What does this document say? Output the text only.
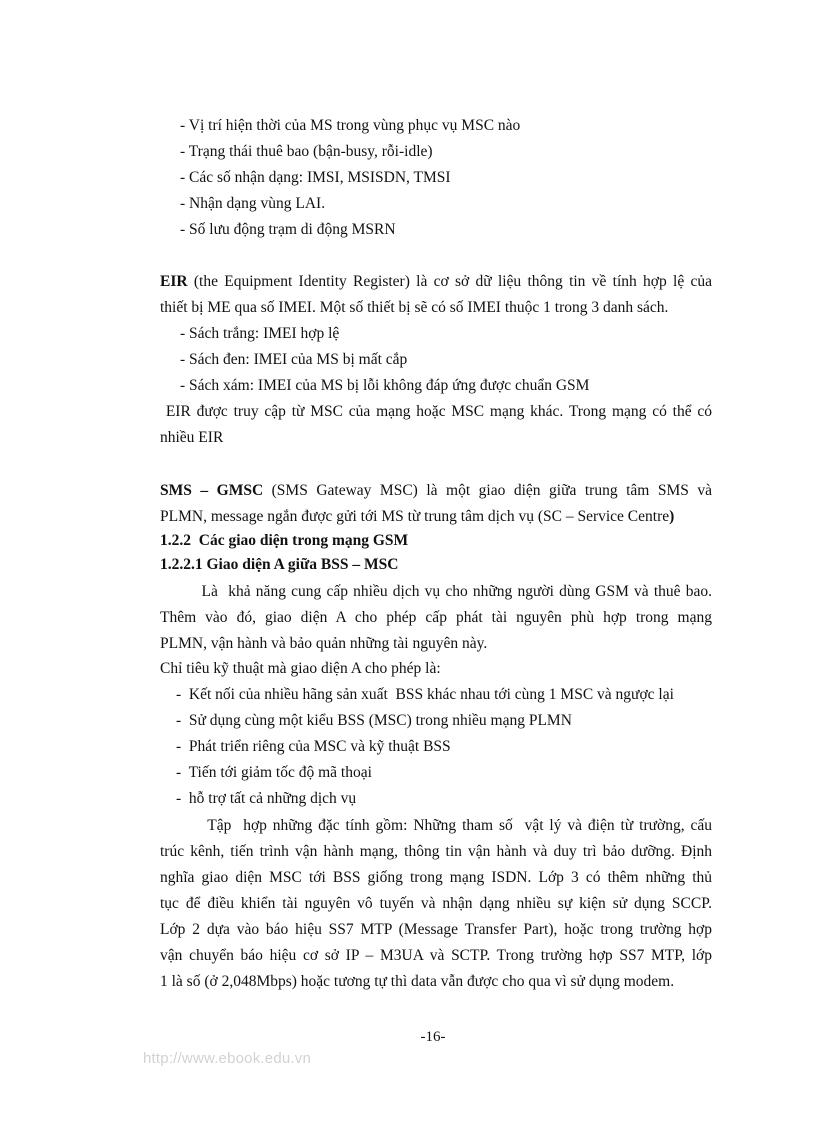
- Vị trí hiện thời của MS trong vùng phục vụ MSC nào
- Trạng thái thuê bao (bận-busy, rỗi-idle)
- Các số nhận dạng: IMSI, MSISDN, TMSI
- Nhận dạng vùng LAI.
- Số lưu động trạm di động MSRN
EIR (the Equipment Identity Register) là cơ sở dữ liệu thông tin về tính hợp lệ của
thiết bị ME qua số IMEI. Một số thiết bị sẽ có số IMEI thuộc 1 trong 3 danh sách.
- Sách trắng: IMEI hợp lệ
- Sách đen: IMEI của MS bị mất cắp
- Sách xám: IMEI của MS bị lỗi không đáp ứng được chuẩn GSM
EIR được truy cập từ MSC của mạng hoặc MSC mạng khác. Trong mạng có thể có
nhiều EIR
SMS – GMSC (SMS Gateway MSC) là một giao diện giữa trung tâm SMS và
PLMN, message ngắn được gửi tới MS từ trung tâm dịch vụ (SC – Service Centre)
1.2.2  Các giao diện trong mạng GSM
1.2.2.1 Giao diện A giữa BSS – MSC
Là  khả năng cung cấp nhiều dịch vụ cho những người dùng GSM và thuê bao.
Thêm vào đó, giao diện A cho phép cấp phát tài nguyên phù hợp trong mạng
PLMN, vận hành và bảo quản những tài nguyên này.
Chỉ tiêu kỹ thuật mà giao diện A cho phép là:
-  Kết nối của nhiều hãng sản xuất  BSS khác nhau tới cùng 1 MSC và ngược lại
-  Sử dụng cùng một kiểu BSS (MSC) trong nhiều mạng PLMN
-  Phát triển riêng của MSC và kỹ thuật BSS
-  Tiến tới giảm tốc độ mã thoại
-  hỗ trợ tất cả những dịch vụ
Tập  hợp những đặc tính gồm: Những tham số  vật lý và điện từ trường, cấu
trúc kênh, tiến trình vận hành mạng, thông tin vận hành và duy trì bảo dưỡng. Định
nghĩa giao diện MSC tới BSS giống trong mạng ISDN. Lớp 3 có thêm những thủ
tục để điều khiển tài nguyên vô tuyến và nhận dạng nhiều sự kiện sử dụng SCCP.
Lớp 2 dựa vào báo hiệu SS7 MTP (Message Transfer Part), hoặc trong trường hợp
vận chuyển báo hiệu cơ sở IP – M3UA và SCTP. Trong trường hợp SS7 MTP, lớp
1 là số (ở 2,048Mbps) hoặc tương tự thì data vẫn được cho qua vì sử dụng modem.
-16-
http://www.ebook.edu.vn
